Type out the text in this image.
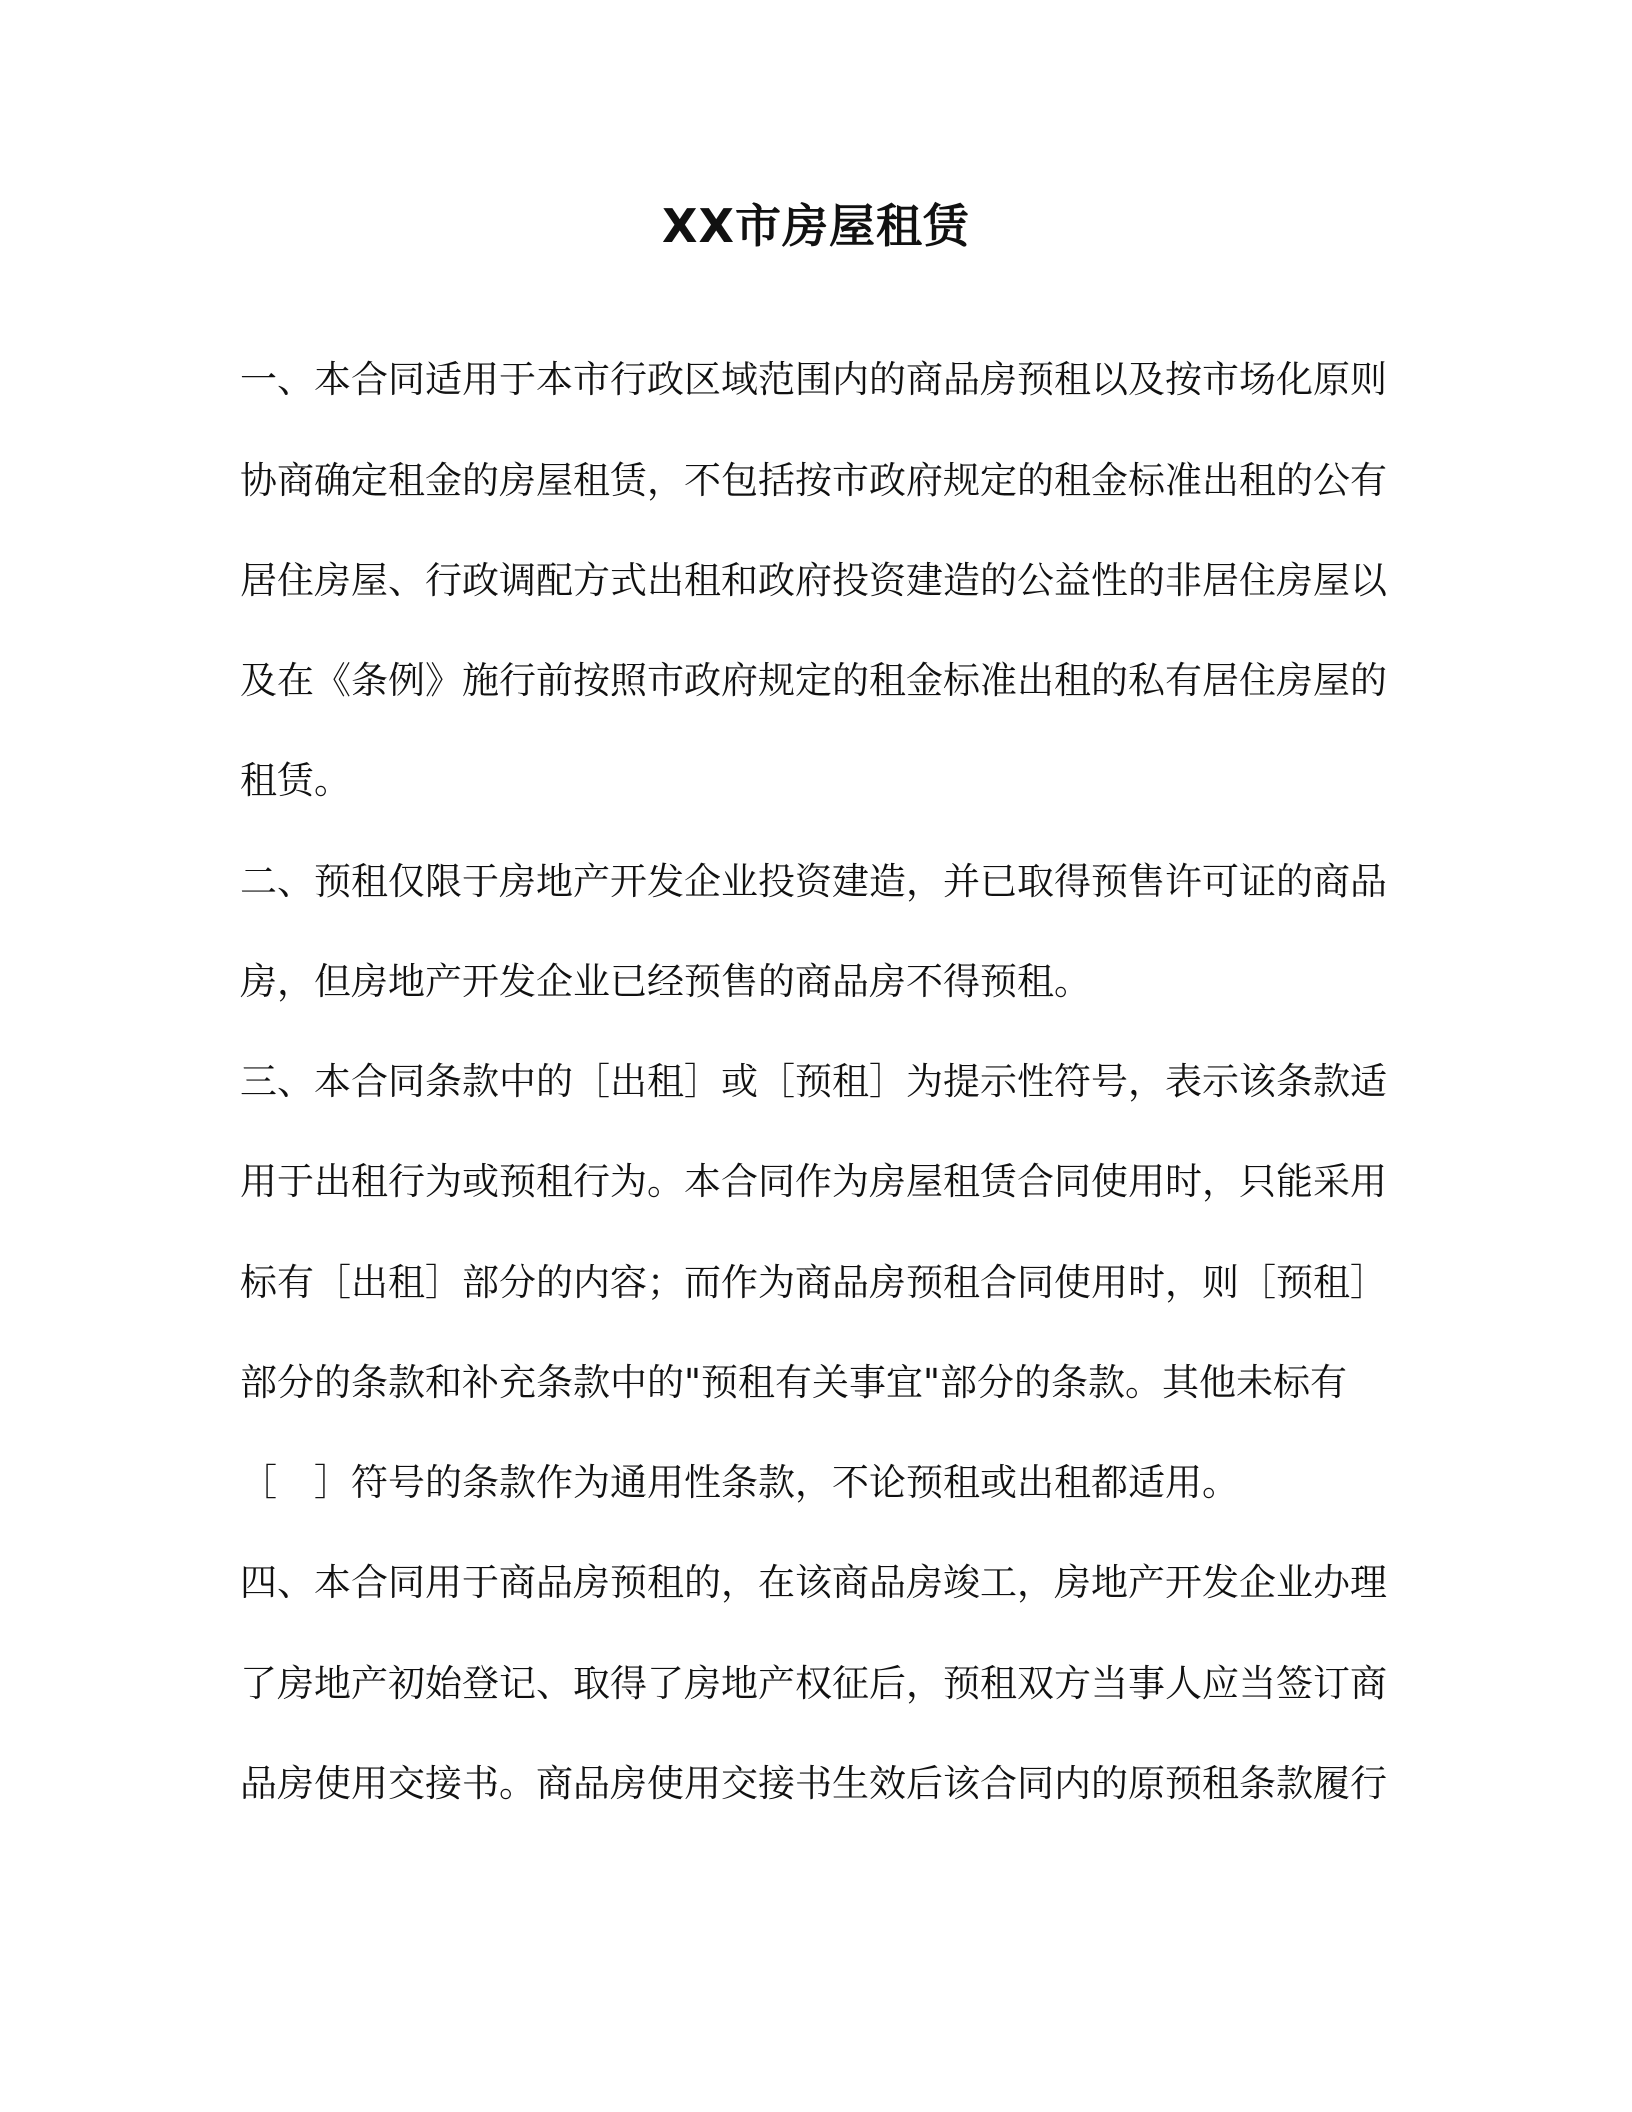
XX市房屋租赁
一、本合同适用于本市行政区域范围内的商品房预租以及按市场化原则
协商确定租金的房屋租赁，不包括按市政府规定的租金标准出租的公有
居住房屋、行政调配方式出租和政府投资建造的公益性的非居住房屋以
及在《条例》施行前按照市政府规定的租金标准出租的私有居住房屋的
租赁。
二、预租仅限于房地产开发企业投资建造，并已取得预售许可证的商品
房，但房地产开发企业已经预售的商品房不得预租。
三、本合同条款中的［出租］或［预租］为提示性符号，表示该条款适
用于出租行为或预租行为。本合同作为房屋租赁合同使用时，只能采用
标有［出租］部分的内容；而作为商品房预租合同使用时，则［预租］
部分的条款和补充条款中的"预租有关事宜"部分的条款。其他未标有
［　］符号的条款作为通用性条款，不论预租或出租都适用。
四、本合同用于商品房预租的，在该商品房竣工，房地产开发企业办理
了房地产初始登记、取得了房地产权征后，预租双方当事人应当签订商
品房使用交接书。商品房使用交接书生效后该合同内的原预租条款履行
